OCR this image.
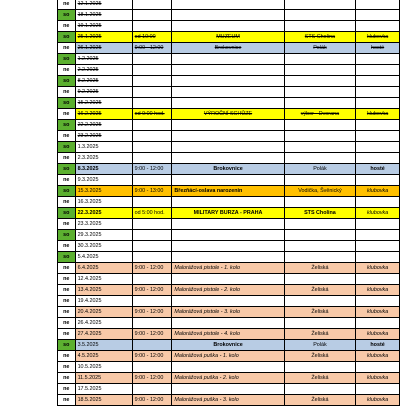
ne	12.1.2025				
so	18.1.2025				
ne	19.1.2025				
so	25.1.2025	od 10:00	MUZEUM	STS Cholina	klubovka
ne	26.1.2025	9:00 - 12:00	Brokovnice	Polák	hosté
so	1.2.2025				
ne	2.2.2025				
so	8.2.2025				
ne	9.2.2025				
so	15.2.2025				
ne	16.2.2025	od 9:00 hod.	VÝROČNÍ SCHŮZE	výbor - Dvorana	klubovka
so	22.2.2025				
ne	23.2.2025				
so	1.3.2025				
ne	2.3.2025				
so	8.3.2025	9:00 - 12:00	Brokovnice	Polák	hosté
ne	9.3.2025				
so	15.3.2025	9:00 - 13:00	Březňácí-oslava narozenin	Vodička, Švěnický	klubovka
ne	16.3.2025				
so	22.3.2025	od 5:00 hod.	MILITARY BURZA - PRAHA	STS Cholina	klubovka
ne	23.3.2025				
so	29.3.2025				
ne	30.3.2025				
so	5.4.2025				
ne	6.4.2025	9:00 - 12:00	Malorážová pistole - 1. kolo	Želiská	klubovka
ne	12.4.2025				
ne	13.4.2025	9:00 - 12:00	Malorážová pistole - 2. kolo	Želiská	klubovka
ne	19.4.2025				
ne	20.4.2025	9:00 - 12:00	Malorážová pistole - 3. kolo	Želiská	klubovka
ne	26.4.2025				
ne	27.4.2025	9:00 - 12:00	Malorážová pistole - 4. kolo	Želiská	klubovka
so	3.5.2025		Brokovnice	Polák	hosté
ne	4.5.2025	9:00 - 12:00	Malorážová puška - 1. kolo	Želiská	klubovka
ne	10.5.2025				
ne	11.5.2025	9:00 - 12:00	Malorážová puška - 2. kolo	Želiská	klubovka
ne	17.5.2025				
ne	18.5.2025	9:00 - 12:00	Malorážová puška - 3. kolo	Želiská	klubovka
